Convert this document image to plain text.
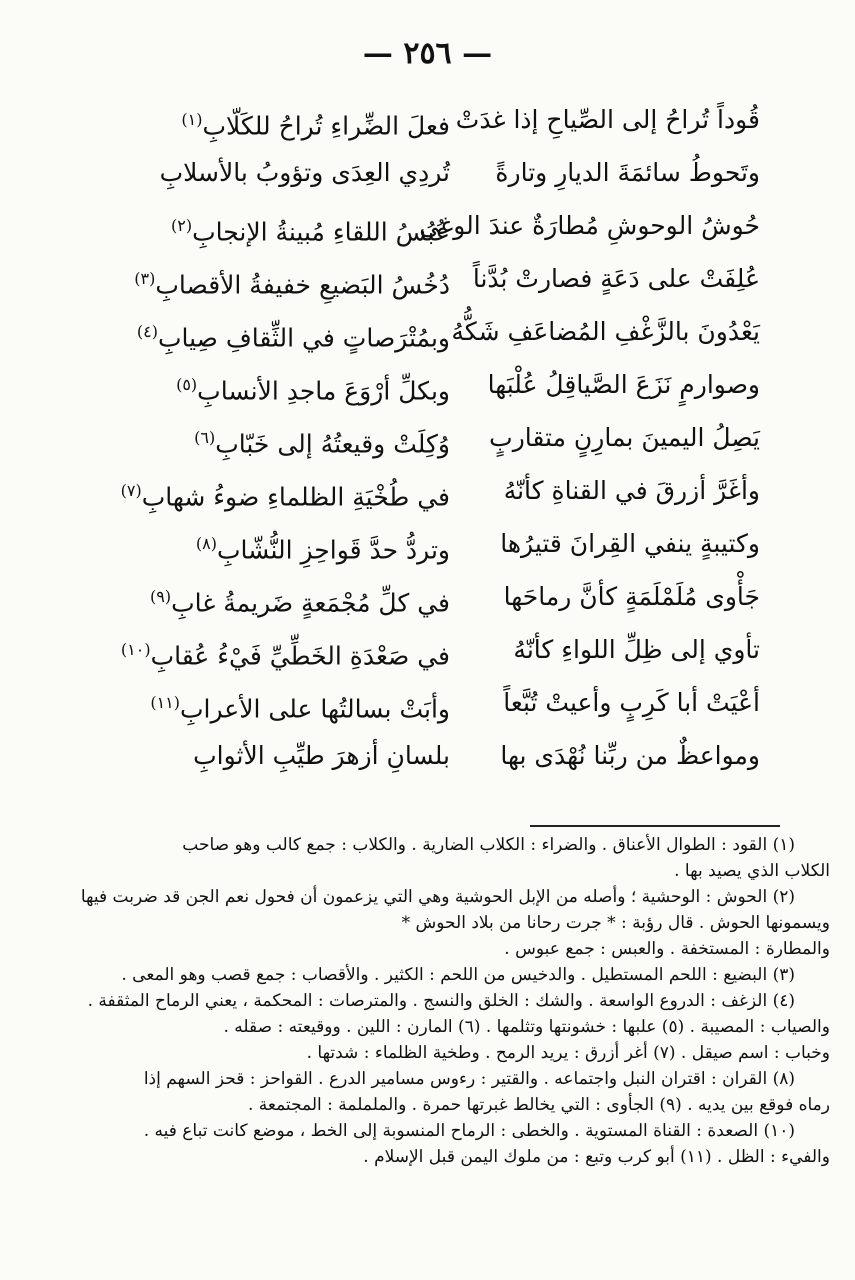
— ٢٥٦ —
قُوداً تُراحُ إلى الصِّياحِ إذا غدَتْ
فعلَ الضِّراءِ تُراحُ للكَلّابِ$^{(١)}$
وتَحوطُ سائمَةَ الديارِ وتارةً
تُردِي العِدَى وتؤوبُ بالأسلابِ
حُوشُ الوحوشِ مُطارَةٌ عندَ الوغى
عُبُسُ اللقاءِ مُبينةُ الإنجابِ$^{(٢)}$
عُلِفَتْ على دَعَةٍ فصارتْ بُدَّناً
دُخُسُ البَضيعِ خفيفةُ الأقصابِ$^{(٣)}$
يَعْدُونَ بالزَّغْفِ المُضاعَفِ شَكُّهُ
وبمُتْرَصاتٍ في الثِّقافِ صِيابِ$^{(٤)}$
وصوارمٍ نَزَعَ الصَّياقِلُ عُلْبَها
وبكلِّ أرْوَعَ ماجدِ الأنسابِ$^{(٥)}$
يَصِلُ اليمينَ بمارِنٍ متقاربٍ
وُكِلَتْ وقيعتُهُ إلى خَبّابِ$^{(٦)}$
وأغَرَّ أزرقَ في القناةِ كأنّهُ
في طُخْيَةِ الظلماءِ ضوءُ شهابِ$^{(٧)}$
وكتيبةٍ ينفي القِرانَ قتيرُها
وتردُّ حدَّ قَواحِزِ النُّشّابِ$^{(٨)}$
جَأْوى مُلَمْلَمَةٍ كأنَّ رماحَها
في كلِّ مُجْمَعةٍ ضَريمةُ غابِ$^{(٩)}$
تأوي إلى ظِلِّ اللواءِ كأنّهُ
في صَعْدَةِ الخَطِّيِّ فَيْءُ عُقابِ$^{(١٠)}$
أعْيَتْ أبا كَرِبٍ وأعيتْ تُبَّعاً
وأبَتْ بسالتُها على الأعرابِ$^{(١١)}$
ومواعظٌ من ربِّنا نُهْدَى بها
بلسانِ أزهرَ طيِّبِ الأثوابِ
(١) القود : الطوال الأعناق . والضراء : الكلاب الضارية . والكلاب : جمع كالب وهو صاحب
الكلاب الذي يصيد بها .
(٢) الحوش : الوحشية ؛ وأصله من الإبل الحوشية وهي التي يزعمون أن فحول نعم الجن قد ضربت فيها
ويسمونها الحوش . قال رؤبة : * جرت رحانا من بلاد الحوش *
والمطارة : المستخفة . والعبس : جمع عبوس .
(٣) البضيع : اللحم المستطيل . والدخيس من اللحم : الكثير . والأقصاب : جمع قصب وهو المعى .
(٤) الزغف : الدروع الواسعة . والشك : الخلق والنسج . والمترصات : المحكمة ، يعني الرماح المثقفة .
والصياب : المصيبة . (٥) علبها : خشونتها وتثلمها . (٦) المارن : اللين . ووقيعته : صقله .
وخباب : اسم صيقل . (٧) أغر أزرق : يريد الرمح . وطخية الظلماء : شدتها .
(٨) القران : اقتران النبل واجتماعه . والقتير : رءوس مسامير الدرع . القواحز : قحز السهم إذا
رماه فوقع بين يديه . (٩) الجأوى : التي يخالط غبرتها حمرة . والململمة : المجتمعة .
(١٠) الصعدة : القناة المستوية . والخطى : الرماح المنسوبة إلى الخط ، موضع كانت تباع فيه .
والفيء : الظل . (١١) أبو كرب وتبع : من ملوك اليمن قبل الإسلام .
